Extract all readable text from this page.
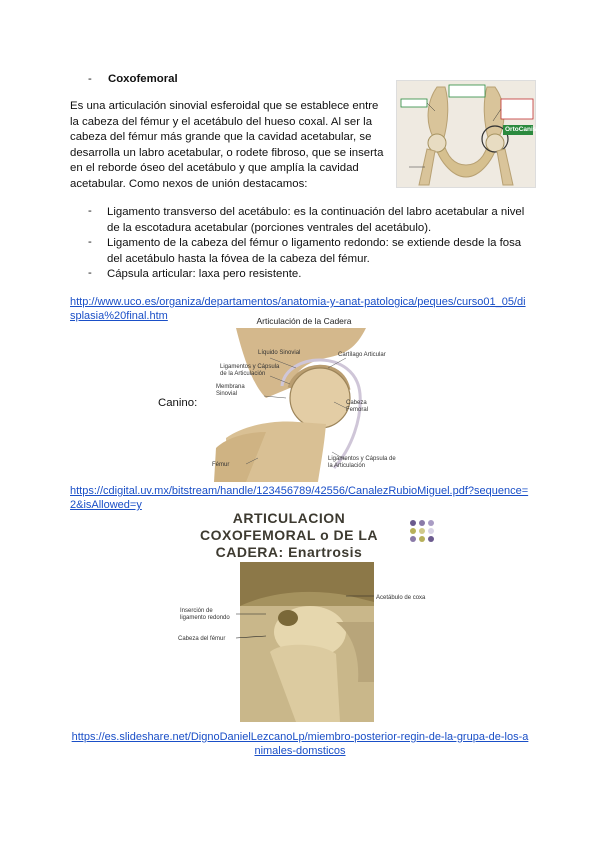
- Coxofemoral

Es una articulación sinovial esferoidal que se establece entre la cabeza del fémur y el acetábulo del hueso coxal. Al ser la cabeza del fémur más grande que la cavidad acetabular, se desarrolla un labro acetabular, o rodete fibroso, que se inserta en el reborde óseo del acetábulo y que amplía la cavidad acetabular. Como nexos de unión destacamos:

OrtoCanis
- Ligamento transverso del acetábulo: es la continuación del labro acetabular a nivel de la escotadura acetabular (porciones ventrales del acetábulo).

- Ligamento de la cabeza del fémur o ligamento redondo: se extiende desde la fosa del acetábulo hasta la fóvea de la cabeza del fémur.

- Cápsula articular: laxa pero resistente.

http://www.uco.es/organiza/departamentos/anatomia-y-anat-patologica/peques/curso01_05/displasia%20final.htm
Canino:
Articulación de la Cadera
Líquido Sinovial
Ligamentos y Cápsula de la Articulación
Membrana Sinovial
Cartílago Articular
Cabeza Femoral
Fémur
Ligamentos y Cápsula de la Articulación
https://cdigital.uv.mx/bitstream/handle/123456789/42556/CanalezRubioMiguel.pdf?sequence=2&isAllowed=y
ARTICULACION
COXOFEMORAL o DE LA
CADERA: Enartrosis

Acetábulo de coxa
Inserción de ligamento redondo
Cabeza del fémur
https://es.slideshare.net/DignoDanielLezcanoLp/miembro-posterior-regin-de-la-grupa-de-los-animales-domsticos
